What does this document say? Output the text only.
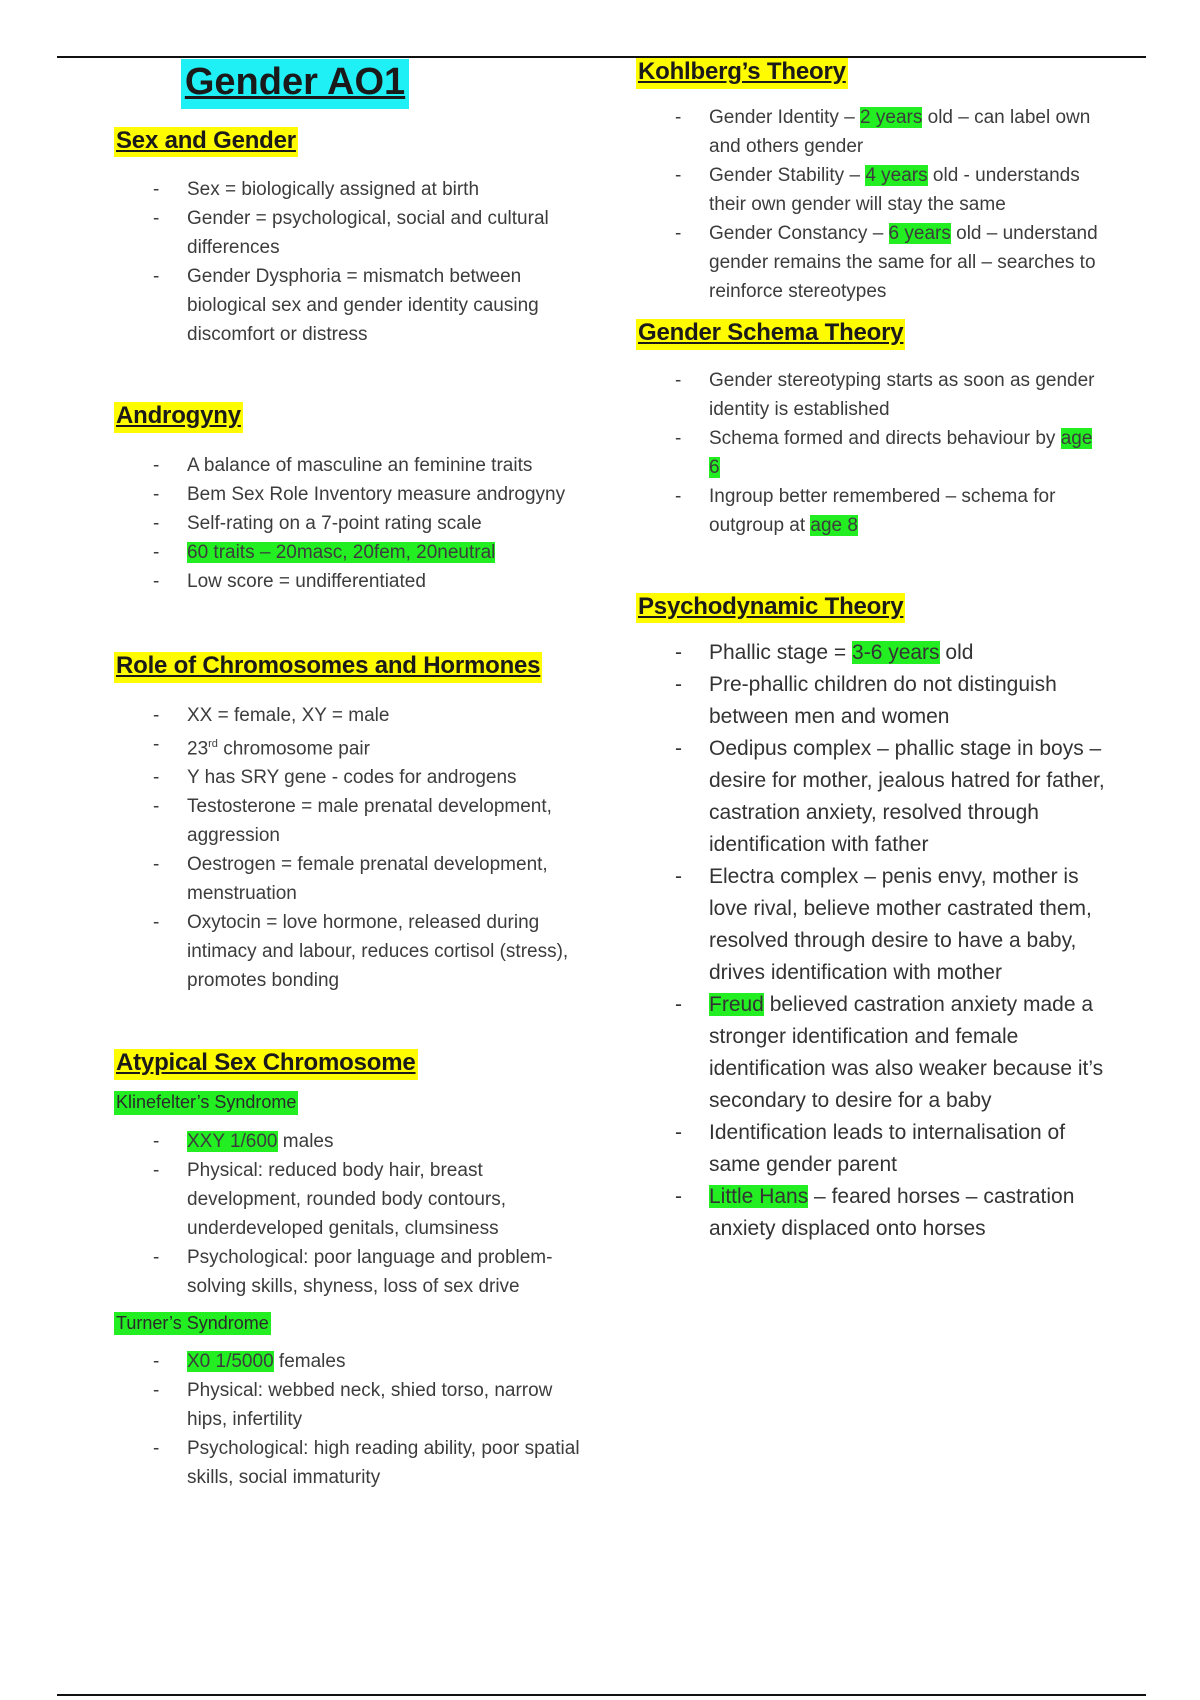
Gender AO1
Sex and Gender
- Sex = biologically assigned at birth
- Gender = psychological, social and cultural differences
- Gender Dysphoria = mismatch between biological sex and gender identity causing discomfort or distress
Androgyny
- A balance of masculine an feminine traits
- Bem Sex Role Inventory measure androgyny
- Self-rating on a 7-point rating scale
- 60 traits – 20masc, 20fem, 20neutral
- Low score = undifferentiated
Role of Chromosomes and Hormones
- XX = female, XY = male
- 23rd chromosome pair
- Y has SRY gene - codes for androgens
- Testosterone = male prenatal development, aggression
- Oestrogen = female prenatal development, menstruation
- Oxytocin = love hormone, released during intimacy and labour, reduces cortisol (stress), promotes bonding
Atypical Sex Chromosome
Klinefelter’s Syndrome
- XXY 1/600 males
- Physical: reduced body hair, breast development, rounded body contours, underdeveloped genitals, clumsiness
- Psychological: poor language and problem-solving skills, shyness, loss of sex drive
Turner’s Syndrome
- X0 1/5000 females
- Physical: webbed neck, shied torso, narrow hips, infertility
- Psychological: high reading ability, poor spatial skills, social immaturity
Kohlberg’s Theory
- Gender Identity – 2 years old – can label own and others gender
- Gender Stability – 4 years old - understands their own gender will stay the same
- Gender Constancy – 6 years old – understand gender remains the same for all – searches to reinforce stereotypes
Gender Schema Theory
- Gender stereotyping starts as soon as gender identity is established
- Schema formed and directs behaviour by age 6
- Ingroup better remembered – schema for outgroup at age 8
Psychodynamic Theory
- Phallic stage = 3-6 years old
- Pre-phallic children do not distinguish between men and women
- Oedipus complex – phallic stage in boys – desire for mother, jealous hatred for father, castration anxiety, resolved through identification with father
- Electra complex – penis envy, mother is love rival, believe mother castrated them, resolved through desire to have a baby, drives identification with mother
- Freud believed castration anxiety made a stronger identification and female identification was also weaker because it’s secondary to desire for a baby
- Identification leads to internalisation of same gender parent
- Little Hans – feared horses – castration anxiety displaced onto horses
